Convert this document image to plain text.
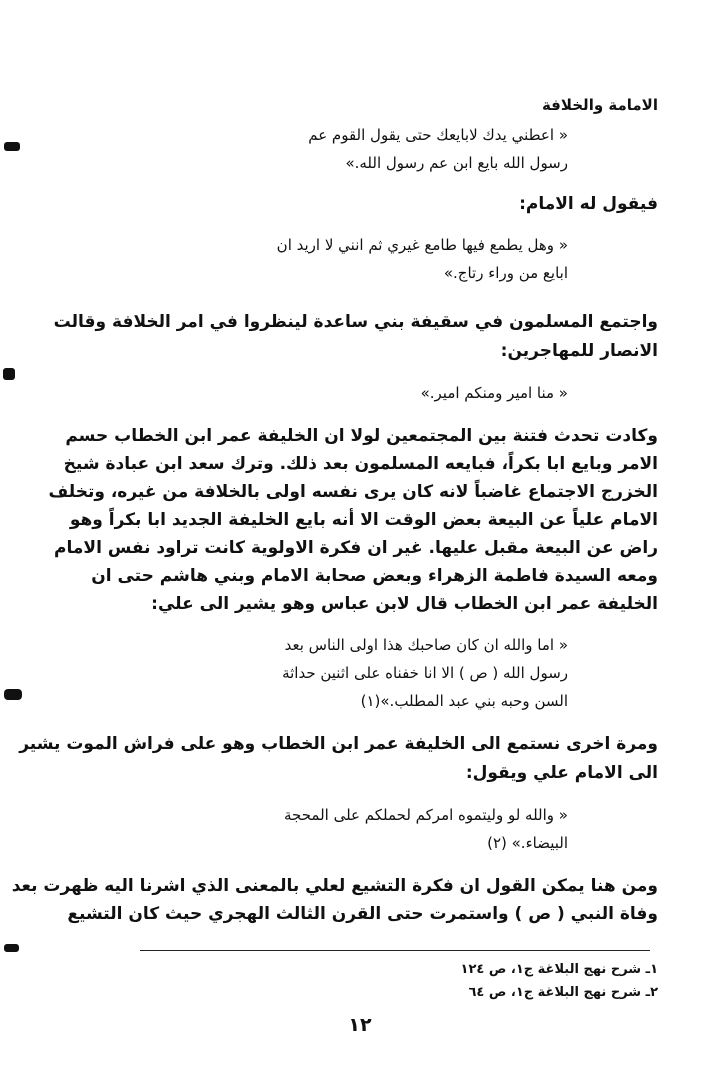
الامامة والخلافة
« اعطني يدك لابايعك حتى يقول القوم عم
رسول الله بايع ابن عم رسول الله.»
فيقول له الامام:
« وهل يطمع فيها طامع غيري ثم انني لا اريد ان
ابايع من وراء رتاج.»
واجتمع المسلمون في سقيفة بني ساعدة لينظروا في امر الخلافة وقالت
الانصار للمهاجرين:
« منا امير ومنكم امير.»
وكادت تحدث فتنة بين المجتمعين لولا ان الخليفة عمر ابن الخطاب حسم
الامر وبايع ابا بكراً، فبايعه المسلمون بعد ذلك. وترك سعد ابن عبادة شيخ
الخزرج الاجتماع غاضباً لانه كان يرى نفسه اولى بالخلافة من غيره، وتخلف
الامام علياً عن البيعة بعض الوقت الا أنه بايع الخليفة الجديد ابا بكراً وهو
راض عن البيعة مقبل عليها. غير ان فكرة الاولوية كانت تراود نفس الامام
ومعه السيدة فاطمة الزهراء وبعض صحابة الامام وبني هاشم حتى ان
الخليفة عمر ابن الخطاب قال لابن عباس وهو يشير الى علي:
« اما والله ان كان صاحبك هذا اولى الناس بعد
رسول الله ( ص ) الا انا خفناه على اثنين حداثة
السن وحبه بني عبد المطلب.»(١)
ومرة اخرى نستمع الى الخليفة عمر ابن الخطاب وهو على فراش الموت يشير
الى الامام علي ويقول:
« والله لو وليتموه امركم لحملكم على المحجة
البيضاء.» (٢)
ومن هنا يمكن القول ان فكرة التشيع لعلي بالمعنى الذي اشرنا اليه ظهرت بعد
وفاة النبي ( ص ) واستمرت حتى القرن الثالث الهجري حيث كان التشيع
١ـ شرح نهج البلاغة ج١، ص ١٢٤
٢ـ شرح نهج البلاغة ج١، ص ٦٤
١٢
